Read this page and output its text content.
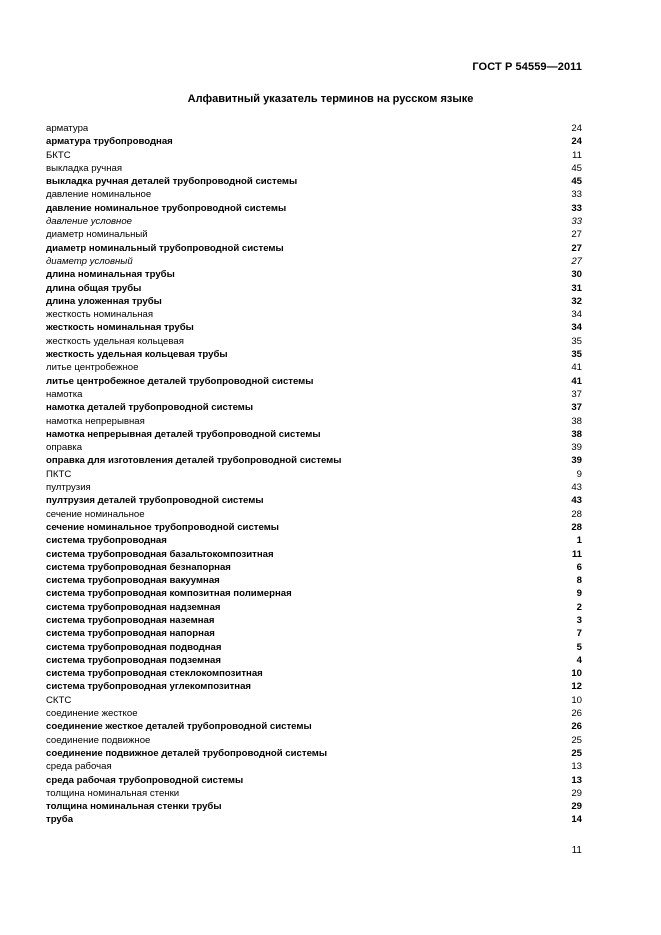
ГОСТ Р 54559—2011
Алфавитный указатель терминов на русском языке
арматура	24
арматура трубопроводная	24
БКТС	11
выкладка ручная	45
выкладка ручная деталей трубопроводной системы	45
давление номинальное	33
давление номинальное трубопроводной системы	33
давление условное	33
диаметр номинальный	27
диаметр номинальный трубопроводной системы	27
диаметр условный	27
длина номинальная трубы	30
длина общая трубы	31
длина уложенная трубы	32
жесткость номинальная	34
жесткость номинальная трубы	34
жесткость удельная кольцевая	35
жесткость удельная кольцевая трубы	35
литье центробежное	41
литье центробежное деталей трубопроводной системы	41
намотка	37
намотка деталей трубопроводной системы	37
намотка непрерывная	38
намотка непрерывная деталей трубопроводной системы	38
оправка	39
оправка для изготовления деталей трубопроводной системы	39
ПКТС	9
пултрузия	43
пултрузия деталей трубопроводной системы	43
сечение номинальное	28
сечение номинальное трубопроводной системы	28
система трубопроводная	1
система трубопроводная базальтокомпозитная	11
система трубопроводная безнапорная	6
система трубопроводная вакуумная	8
система трубопроводная композитная полимерная	9
система трубопроводная надземная	2
система трубопроводная наземная	3
система трубопроводная напорная	7
система трубопроводная подводная	5
система трубопроводная подземная	4
система трубопроводная стеклокомпозитная	10
система трубопроводная углекомпозитная	12
СКТС	10
соединение жесткое	26
соединение жесткое деталей трубопроводной системы	26
соединение подвижное	25
соединение подвижное деталей трубопроводной системы	25
среда рабочая	13
среда рабочая трубопроводной системы	13
толщина номинальная стенки	29
толщина номинальная стенки трубы	29
труба	14
11
